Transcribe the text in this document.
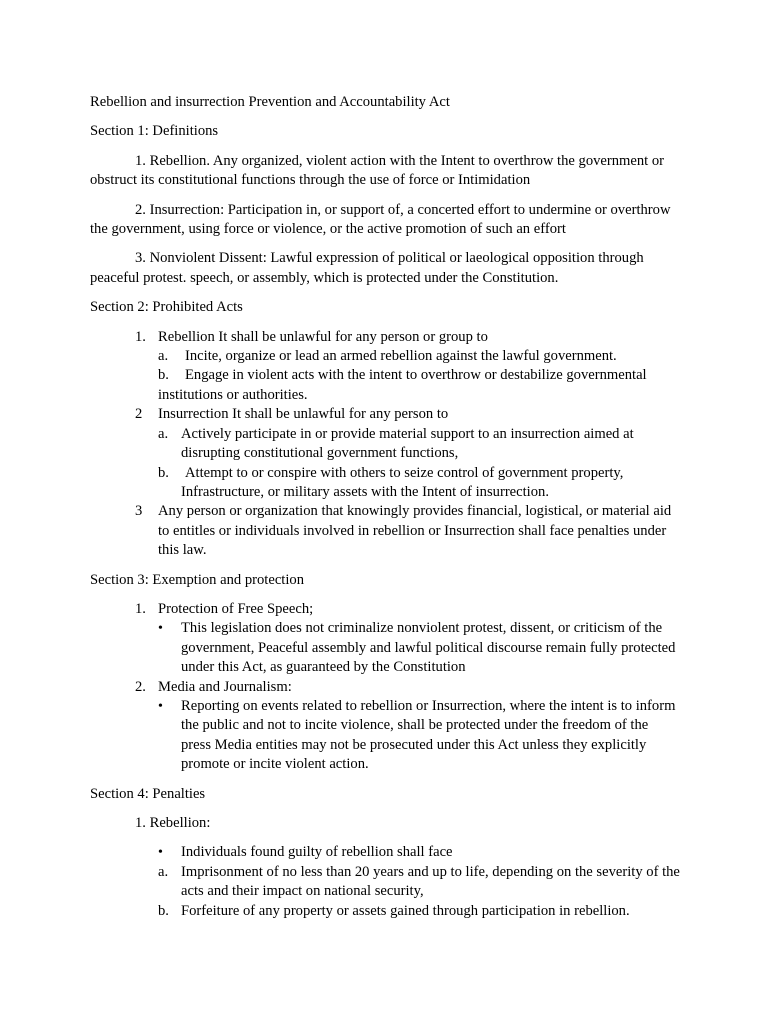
Rebellion and insurrection Prevention and Accountability Act

Section 1: Definitions

1. Rebellion. Any organized, violent action with the Intent to overthrow the government or obstruct its constitutional functions through the use of force or Intimidation

2. Insurrection: Participation in, or support of, a concerted effort to undermine or overthrow the government, using force or violence, or the active promotion of such an effort

3. Nonviolent Dissent: Lawful expression of political or laeological opposition through peaceful protest. speech, or assembly, which is protected under the Constitution.

Section 2: Prohibited Acts

1. Rebellion It shall be unlawful for any person or group to
a. Incite, organize or lead an armed rebellion against the lawful government.
b.	Engage in violent acts with the intent to overthrow or destabilize governmental institutions or authorities.
2 Insurrection It shall be unlawful for any person to
a. Actively participate in or provide material support to an insurrection aimed at disrupting constitutional government functions,
b. Attempt to or conspire with others to seize control of government property, Infrastructure, or military assets with the Intent of insurrection.
3 Any person or organization that knowingly provides financial, logistical, or material aid to entitles or individuals involved in rebellion or Insurrection shall face penalties under this law.

Section 3: Exemption and protection

1. Protection of Free Speech;
• This legislation does not criminalize nonviolent protest, dissent, or criticism of the government, Peaceful assembly and lawful political discourse remain fully protected under this Act, as guaranteed by the Constitution
2. Media and Journalism:
• Reporting on events related to rebellion or Insurrection, where the intent is to inform the public and not to incite violence, shall be protected under the freedom of the press Media entities may not be prosecuted under this Act unless they explicitly promote or incite violent action.

Section 4: Penalties

1. Rebellion:

• Individuals found guilty of rebellion shall face
a. Imprisonment of no less than 20 years and up to life, depending on the severity of the acts and their impact on national security,
b. Forfeiture of any property or assets gained through participation in rebellion.
